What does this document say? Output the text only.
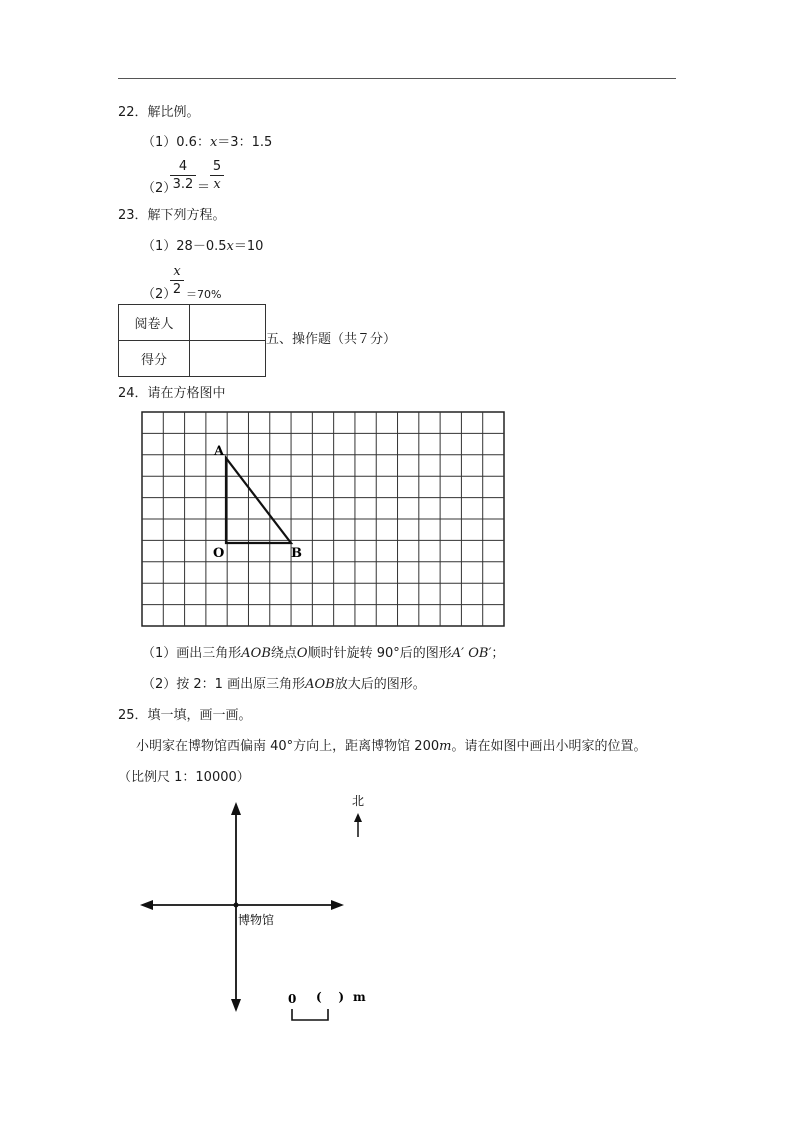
22．解比例。
（1）0.6：x＝3：1.5
（2）
4
3.2 ＝
5
x
23．解下列方程。
（1）28－0.5x＝10
（2）
x
2 ＝70%
阅卷人	
得分	
五、操作题（共７分）
24．请在方格图中
A
O	B
（1）画出三角形AOB绕点O顺时针旋转 90°后的图形A′ OB′；
（2）按 2：1 画出原三角形AOB放大后的图形。
25．填一填，画一画。
小明家在博物馆西偏南 40°方向上，距离博物馆 200m。请在如图中画出小明家的位置。
（比例尺 1：10000）
博物馆
北
0 (    ) m
